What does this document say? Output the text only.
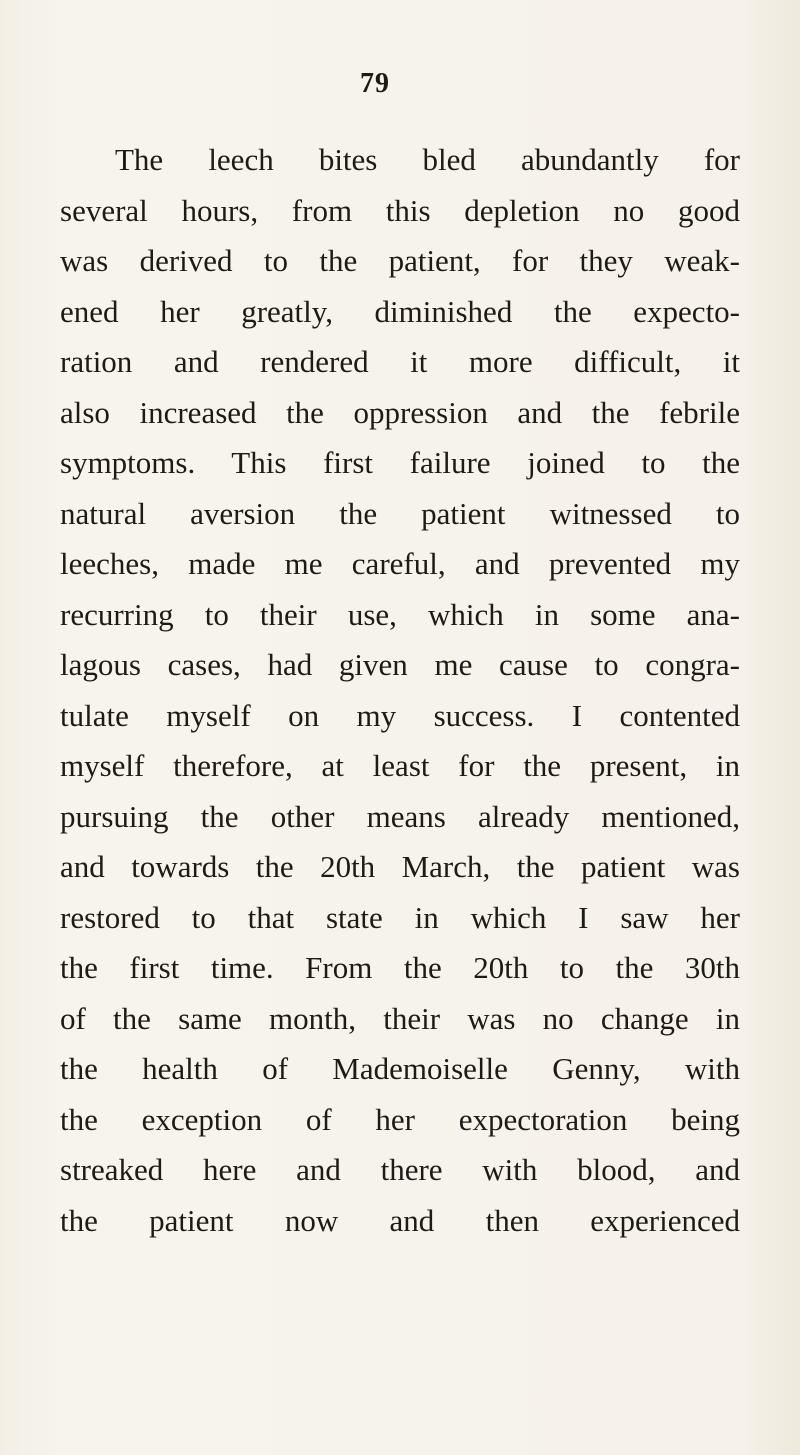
79
The leech bites bled abundantly for
several hours, from this depletion no good
was derived to the patient, for they weak-
ened her greatly, diminished the expecto-
ration and rendered it more difficult, it
also increased the oppression and the febrile
symptoms. This first failure joined to the
natural aversion the patient witnessed to
leeches, made me careful, and prevented my
recurring to their use, which in some ana-
lagous cases, had given me cause to congra-
tulate myself on my success. I contented
myself therefore, at least for the present, in
pursuing the other means already mentioned,
and towards the 20th March, the patient was
restored to that state in which I saw her
the first time. From the 20th to the 30th
of the same month, their was no change in
the health of Mademoiselle Genny, with
the exception of her expectoration being
streaked here and there with blood, and
the patient now and then experienced
